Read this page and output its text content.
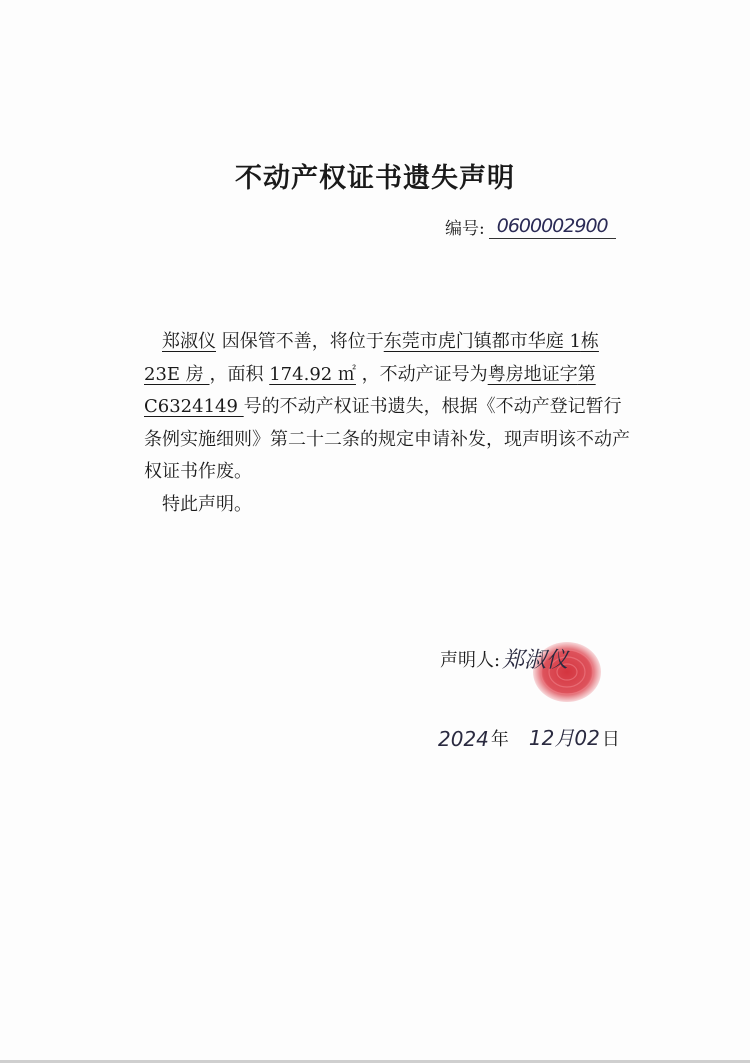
不动产权证书遗失声明
编号: 0600002900

 郑淑仪 因保管不善，将位于东莞市虎门镇都市华庭 1栋 23E 房 ，面积 174.92 ㎡ ，不动产证号为粤房地证字第 C6324149 号的不动产权证书遗失，根据《不动产登记暂行条例实施细则》第二十二条的规定申请补发，现声明该不动产权证书作废。

 特此声明。

声明人: 郑淑仪
2024 年 12月02 日
